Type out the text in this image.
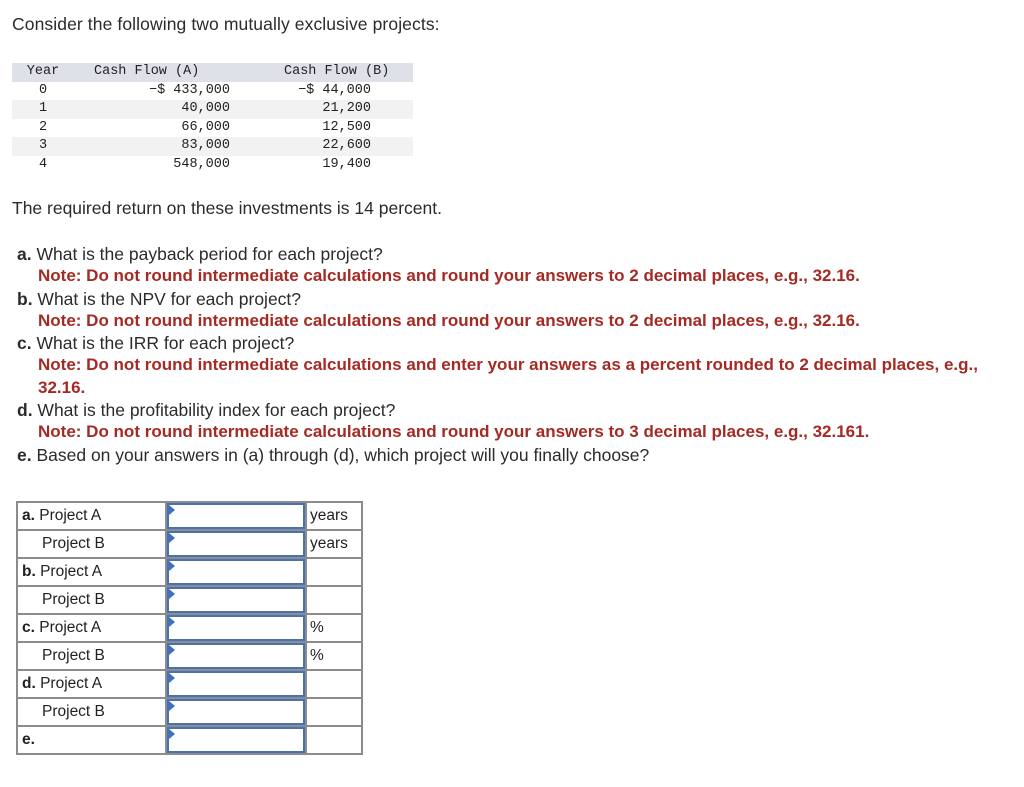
Consider the following two mutually exclusive projects:
Year	Cash Flow (A)	Cash Flow (B)
0	−$ 433,000	−$ 44,000
1	40,000	21,200
2	66,000	12,500
3	83,000	22,600
4	548,000	19,400
The required return on these investments is 14 percent.

a. What is the payback period for each project?

Note: Do not round intermediate calculations and round your answers to 2 decimal places, e.g., 32.16.

b. What is the NPV for each project?

Note: Do not round intermediate calculations and round your answers to 2 decimal places, e.g., 32.16.

c. What is the IRR for each project?

Note: Do not round intermediate calculations and enter your answers as a percent rounded to 2 decimal places, e.g., 32.16.

d. What is the profitability index for each project?

Note: Do not round intermediate calculations and round your answers to 3 decimal places, e.g., 32.161.

e. Based on your answers in (a) through (d), which project will you finally choose?

a. Project A		years
Project B		years
b. Project A	

Project B	

c. Project A		%
Project B		%
d. Project A	

Project B	

e.	
